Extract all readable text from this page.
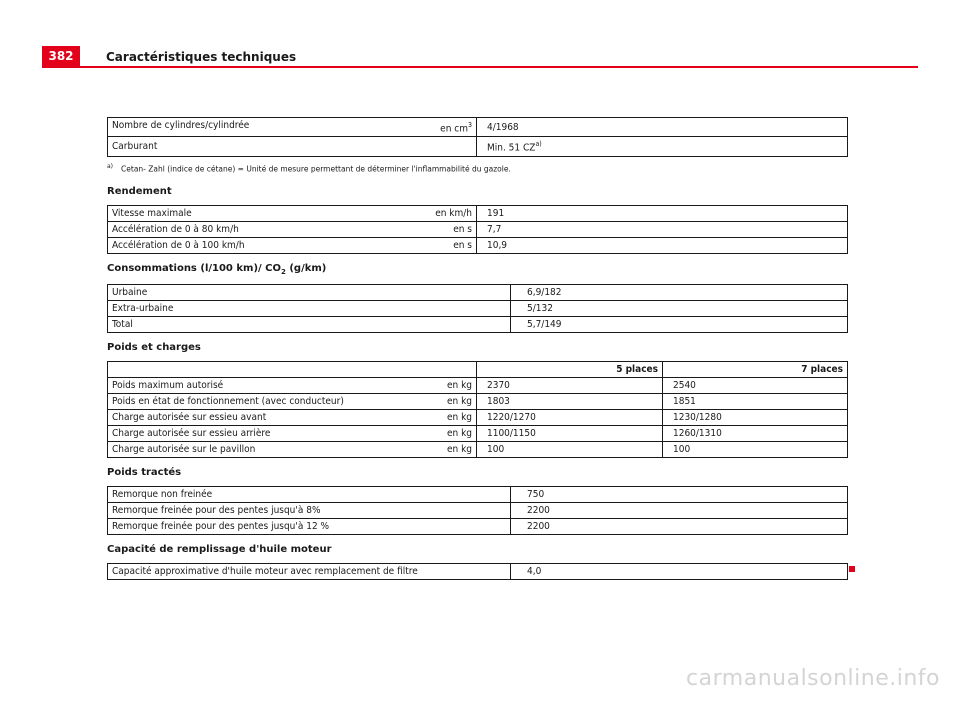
382	Caractéristiques techniques
Nombre de cylindres/cylindrée en $cm^3$	4/1968

Carburant	Min. 51 CZ$^{a)}$
$^{a)}$ Cetan- Zahl (indice de cétane) = Unité de mesure permettant de déterminer l'inflammabilité du gazole.
Rendement
Vitesse maximale en km/h	191

Accélération de 0 à 80 km/h en s	7,7

Accélération de 0 à 100 km/h en s	10,9
Consommations (l/100 km)/ $CO_2$ (g/km)
Urbaine	6,9/182
Extra-urbaine	5/132
Total	5,7/149
Poids et charges
	5 places	7 places

Poids maximum autorisé en kg	2370	2540

Poids en état de fonctionnement (avec conducteur) en kg	1803	1851

Charge autorisée sur essieu avant en kg	1220/1270	1230/1280

Charge autorisée sur essieu arrière en kg	1100/1150	1260/1310

Charge autorisée sur le pavillon en kg	100	100
Poids tractés
Remorque non freinée	750
Remorque freinée pour des pentes jusqu'à 8%	2200
Remorque freinée pour des pentes jusqu'à 12 %	2200
Capacité de remplissage d'huile moteur
Capacité approximative d'huile moteur avec remplacement de filtre	4,0
carmanualsonline.info
